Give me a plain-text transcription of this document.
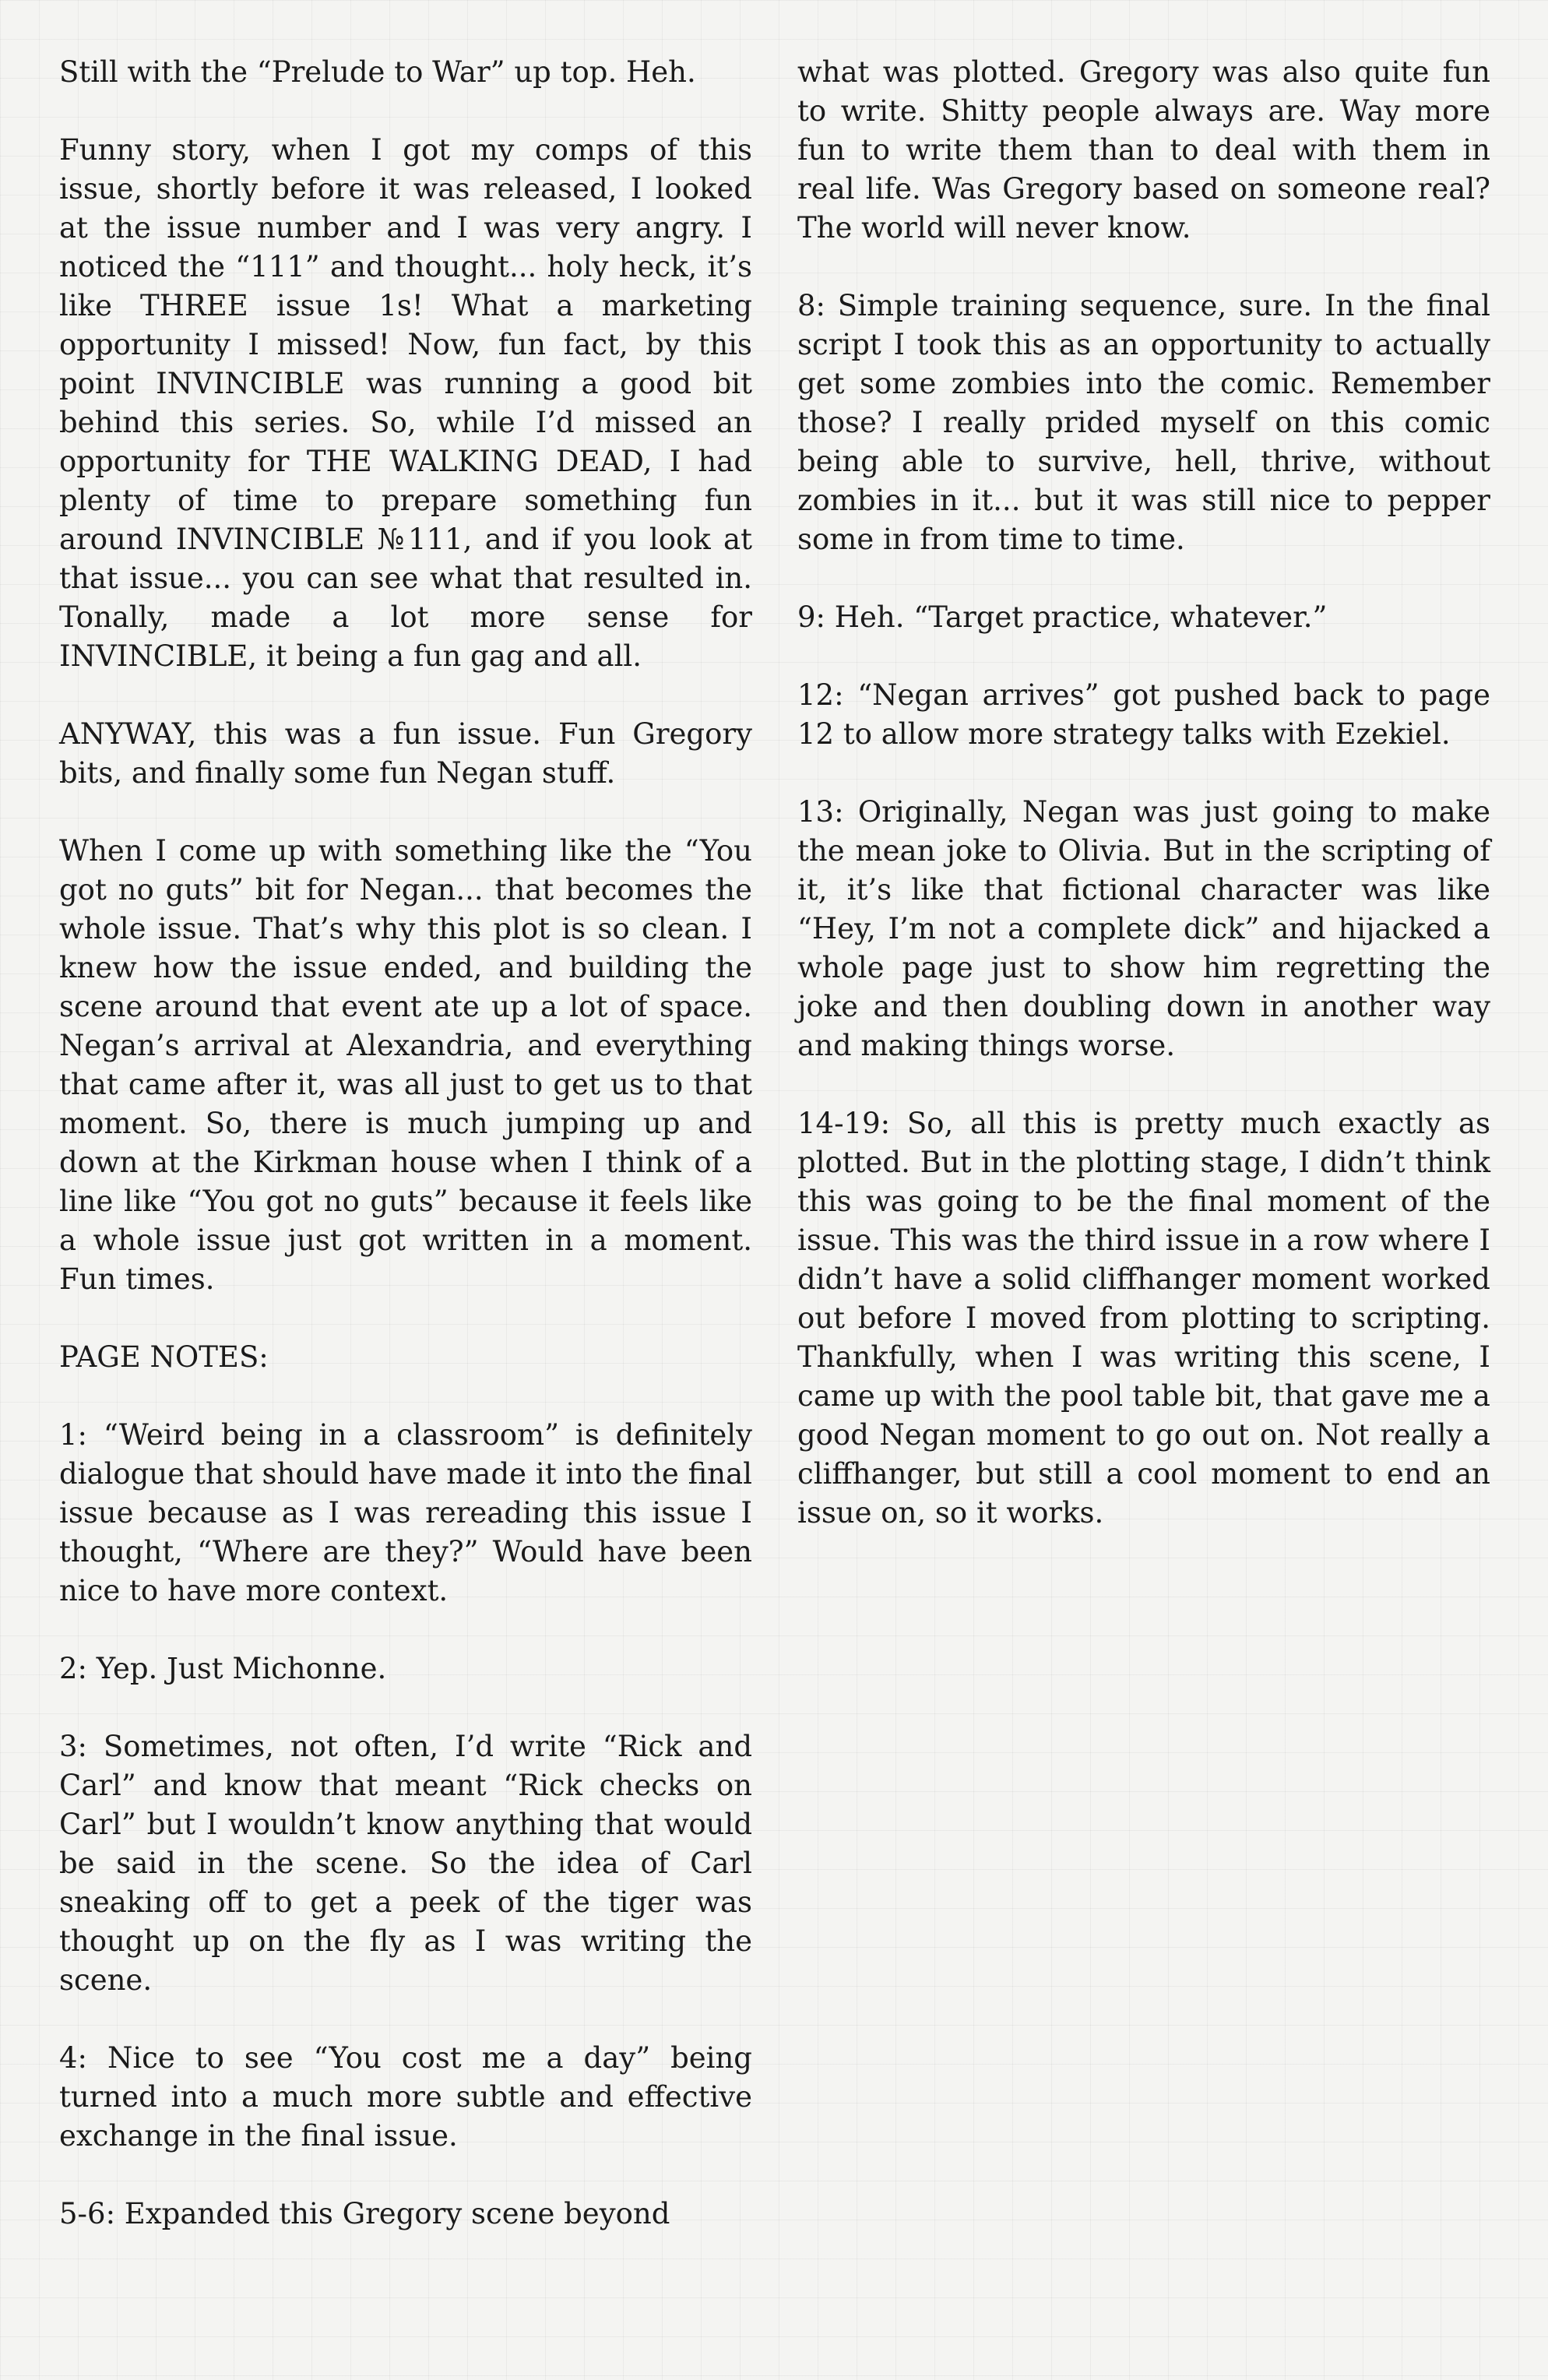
Still with the “Prelude to War” up top. Heh.

Funny story, when I got my comps of this issue, shortly before it was released, I looked at the issue number and I was very angry. I noticed the “111” and thought... holy heck, it’s like THREE issue 1s! What a marketing opportunity I missed! Now, fun fact, by this point INVINCIBLE was running a good bit behind this series. So, while I’d missed an opportunity for THE WALKING DEAD, I had plenty of time to prepare something fun around INVINCIBLE №111, and if you look at that issue... you can see what that resulted in. Tonally, made a lot more sense for INVINCIBLE, it being a fun gag and all.

ANYWAY, this was a fun issue. Fun Gregory bits, and finally some fun Negan stuff.

When I come up with something like the “You got no guts” bit for Negan... that becomes the whole issue. That’s why this plot is so clean. I knew how the issue ended, and building the scene around that event ate up a lot of space. Negan’s arrival at Alexandria, and everything that came after it, was all just to get us to that moment. So, there is much jumping up and down at the Kirkman house when I think of a line like “You got no guts” because it feels like a whole issue just got written in a moment. Fun times.

PAGE NOTES:

1: “Weird being in a classroom” is definitely dialogue that should have made it into the final issue because as I was rereading this issue I thought, “Where are they?” Would have been nice to have more context.

2: Yep. Just Michonne.

3: Sometimes, not often, I’d write “Rick and Carl” and know that meant “Rick checks on Carl” but I wouldn’t know anything that would be said in the scene. So the idea of Carl sneaking off to get a peek of the tiger was thought up on the fly as I was writing the scene.

4: Nice to see “You cost me a day” being turned into a much more subtle and effective exchange in the final issue.

5-6: Expanded this Gregory scene beyond

what was plotted. Gregory was also quite fun to write. Shitty people always are. Way more fun to write them than to deal with them in real life. Was Gregory based on someone real? The world will never know.

8: Simple training sequence, sure. In the final script I took this as an opportunity to actually get some zombies into the comic. Remember those? I really prided myself on this comic being able to survive, hell, thrive, without zombies in it... but it was still nice to pepper some in from time to time.

9: Heh. “Target practice, whatever.”

12: “Negan arrives” got pushed back to page 12 to allow more strategy talks with Ezekiel.

13: Originally, Negan was just going to make the mean joke to Olivia. But in the scripting of it, it’s like that fictional character was like “Hey, I’m not a complete dick” and hijacked a whole page just to show him regretting the joke and then doubling down in another way and making things worse.

14-19: So, all this is pretty much exactly as plotted. But in the plotting stage, I didn’t think this was going to be the final moment of the issue. This was the third issue in a row where I didn’t have a solid cliffhanger moment worked out before I moved from plotting to scripting. Thankfully, when I was writing this scene, I came up with the pool table bit, that gave me a good Negan moment to go out on. Not really a cliffhanger, but still a cool moment to end an issue on, so it works.
